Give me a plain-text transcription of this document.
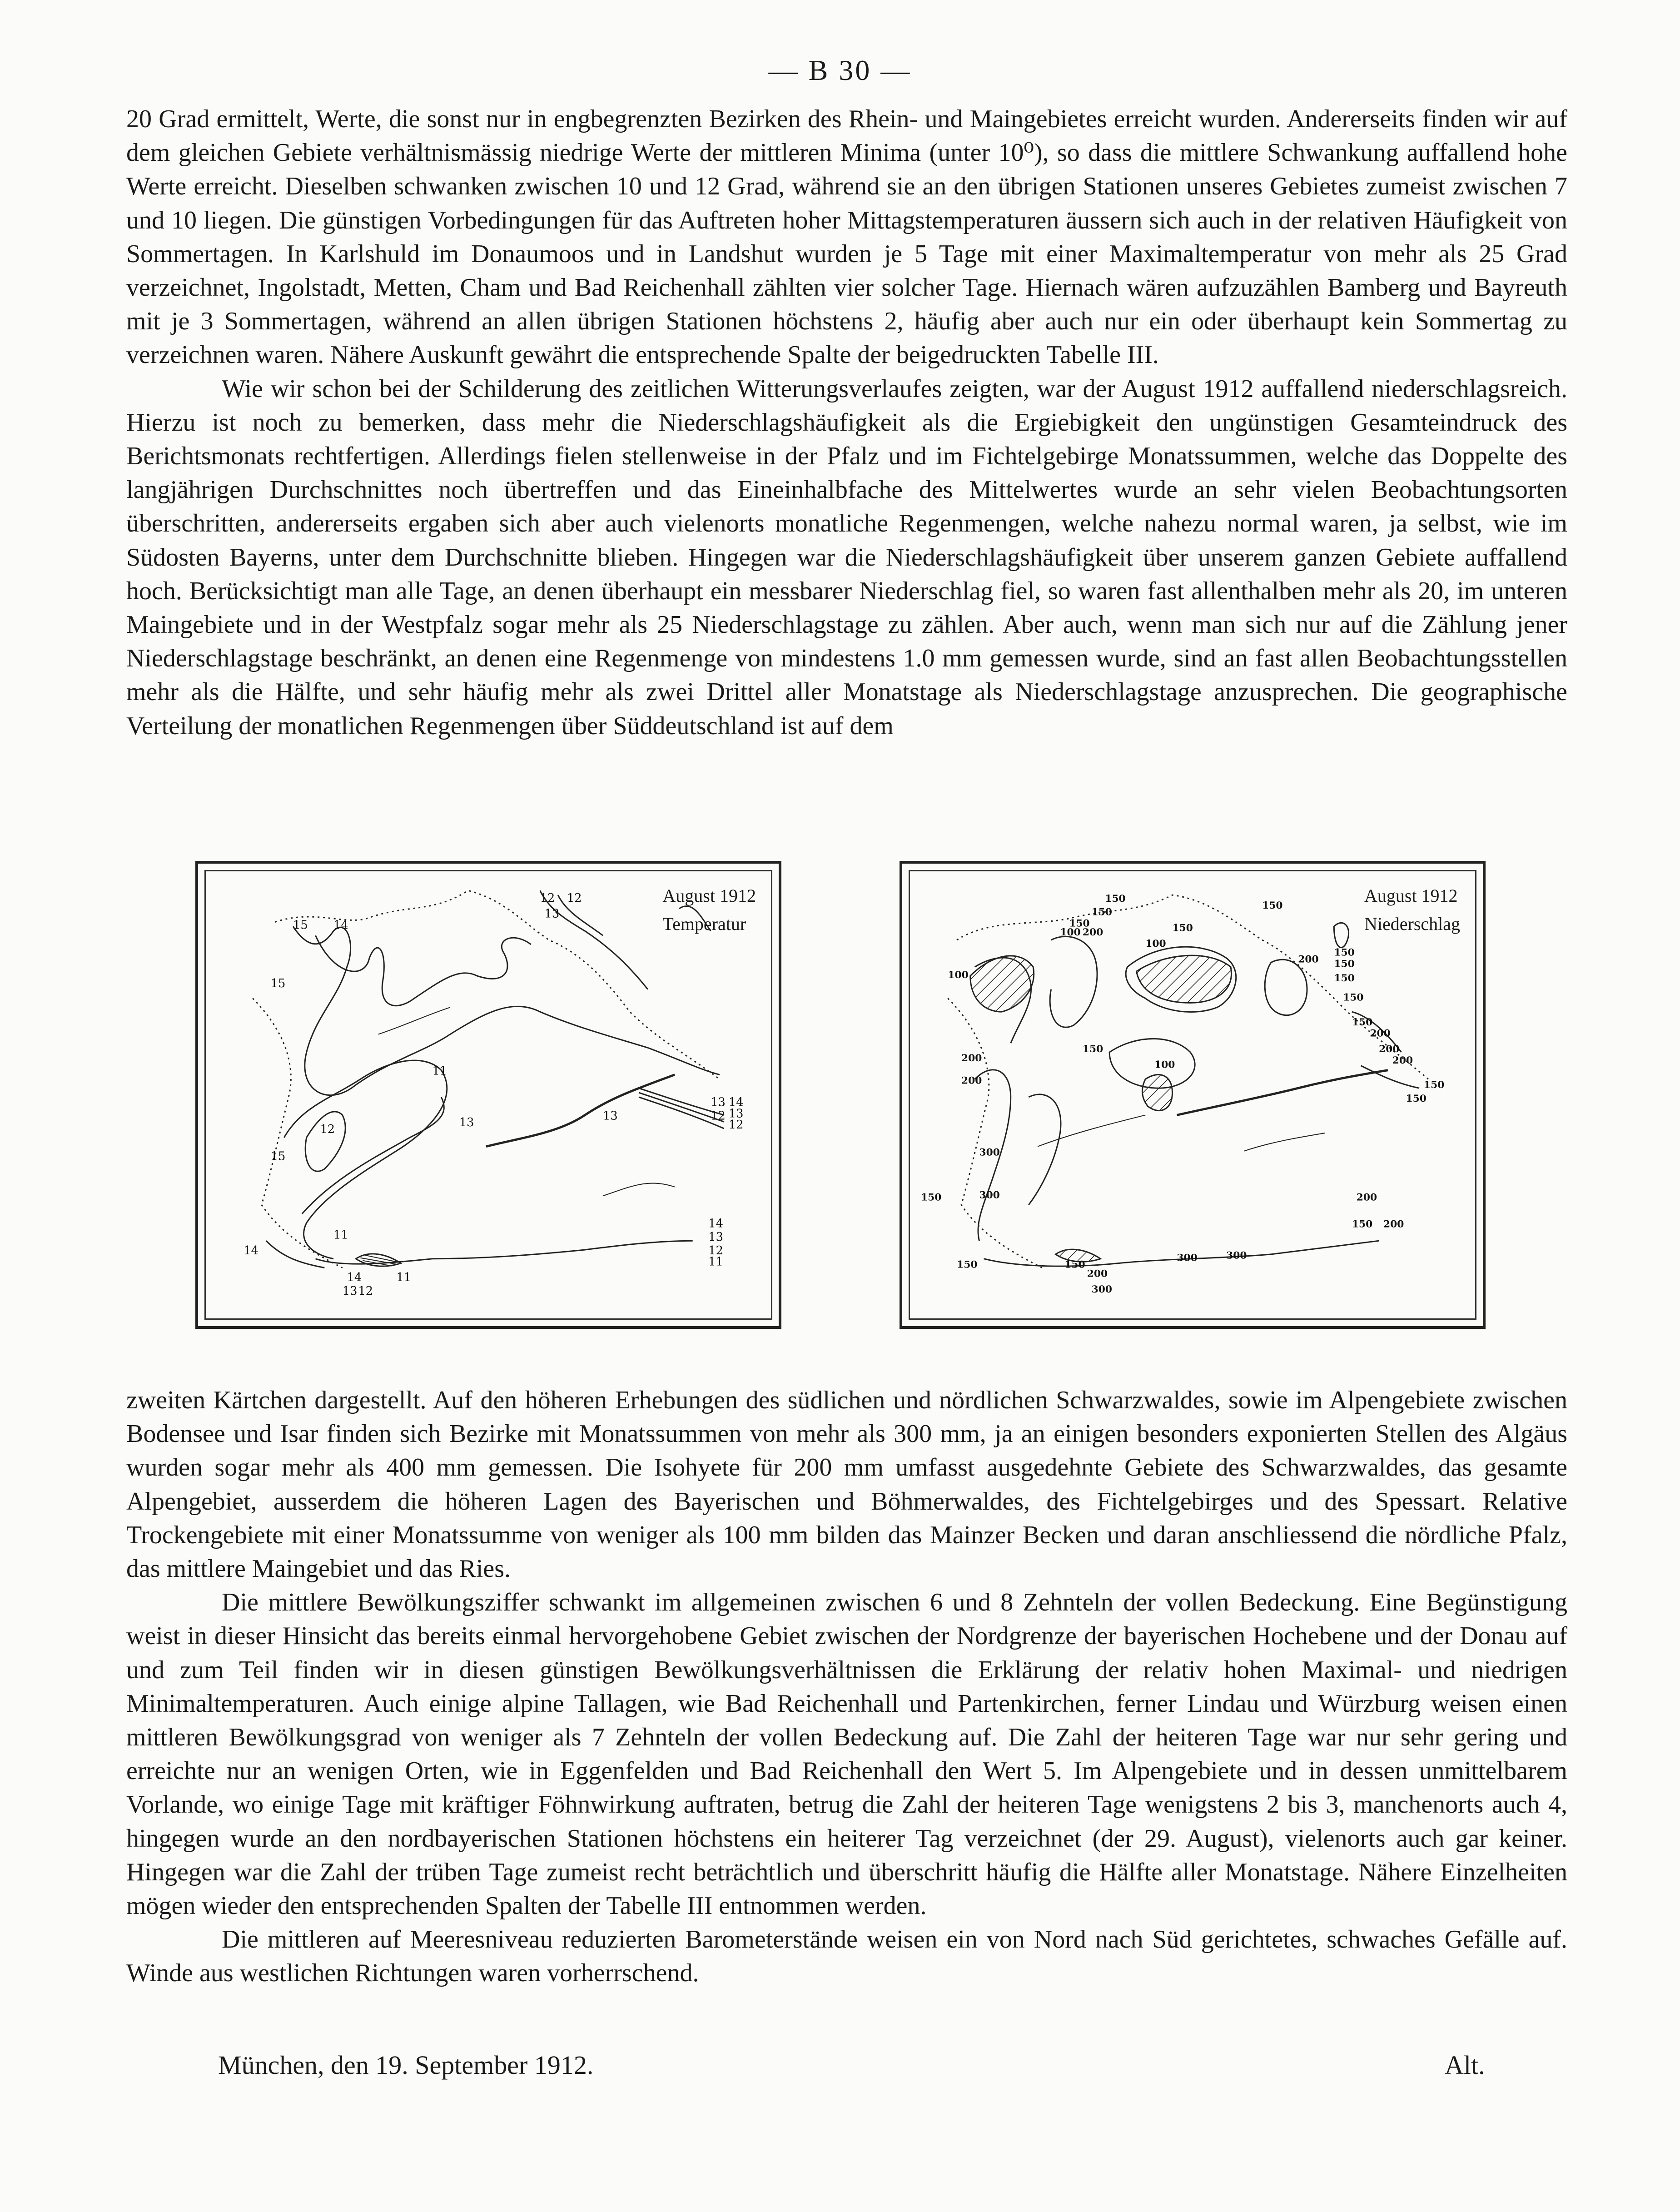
— B 30 —

20 Grad ermittelt, Werte, die sonst nur in engbegrenzten Bezirken des Rhein- und Maingebietes erreicht wurden. Andererseits finden wir auf dem gleichen Gebiete verhältnismässig niedrige Werte der mittleren Minima (unter 10⁰), so dass die mittlere Schwankung auffallend hohe Werte erreicht. Dieselben schwanken zwischen 10 und 12 Grad, während sie an den übrigen Stationen unseres Gebietes zumeist zwischen 7 und 10 liegen. Die günstigen Vorbedingungen für das Auftreten hoher Mittagstemperaturen äussern sich auch in der relativen Häufigkeit von Sommertagen. In Karlshuld im Donaumoos und in Landshut wurden je 5 Tage mit einer Maximaltemperatur von mehr als 25 Grad verzeichnet, Ingolstadt, Metten, Cham und Bad Reichenhall zählten vier solcher Tage. Hiernach wären aufzuzählen Bamberg und Bayreuth mit je 3 Sommertagen, während an allen übrigen Stationen höchstens 2, häufig aber auch nur ein oder überhaupt kein Sommertag zu verzeichnen waren. Nähere Auskunft gewährt die entsprechende Spalte der beigedruckten Tabelle III.

Wie wir schon bei der Schilderung des zeitlichen Witterungsverlaufes zeigten, war der August 1912 auffallend niederschlagsreich. Hierzu ist noch zu bemerken, dass mehr die Niederschlagshäufigkeit als die Ergiebigkeit den ungünstigen Gesamteindruck des Berichtsmonats rechtfertigen. Allerdings fielen stellenweise in der Pfalz und im Fichtelgebirge Monatssummen, welche das Doppelte des langjährigen Durchschnittes noch übertreffen und das Eineinhalbfache des Mittelwertes wurde an sehr vielen Beobachtungsorten überschritten, andererseits ergaben sich aber auch vielenorts monatliche Regenmengen, welche nahezu normal waren, ja selbst, wie im Südosten Bayerns, unter dem Durchschnitte blieben. Hingegen war die Niederschlagshäufigkeit über unserem ganzen Gebiete auffallend hoch. Berücksichtigt man alle Tage, an denen überhaupt ein messbarer Niederschlag fiel, so waren fast allenthalben mehr als 20, im unteren Maingebiete und in der Westpfalz sogar mehr als 25 Niederschlagstage zu zählen. Aber auch, wenn man sich nur auf die Zählung jener Niederschlagstage beschränkt, an denen eine Regenmenge von mindestens 1.0 mm gemessen wurde, sind an fast allen Beobachtungsstellen mehr als die Hälfte, und sehr häufig mehr als zwei Drittel aller Monatstage als Niederschlagstage anzusprechen. Die geographische Verteilung der monatlichen Regenmengen über Süddeutschland ist auf dem

15 14
15
12
13
12
12	13
15
11
14
13
12
14
13
12
11
14
13 12
11
13
14
13
12
11
August 1912
Temperatur
150
150
150
100 200	150
150
100
200
150
150
150
100
150
150
200
200
200
150
200
200
100
150
300
300
150
150
200
150 200
300
300
200
300
150
150
August 1912
Niederschlag

zweiten Kärtchen dargestellt. Auf den höheren Erhebungen des südlichen und nördlichen Schwarzwaldes, sowie im Alpengebiete zwischen Bodensee und Isar finden sich Bezirke mit Monatssummen von mehr als 300 mm, ja an einigen besonders exponierten Stellen des Algäus wurden sogar mehr als 400 mm gemessen. Die Isohyete für 200 mm umfasst ausgedehnte Gebiete des Schwarzwaldes, das gesamte Alpengebiet, ausserdem die höheren Lagen des Bayerischen und Böhmerwaldes, des Fichtelgebirges und des Spessart. Relative Trockengebiete mit einer Monatssumme von weniger als 100 mm bilden das Mainzer Becken und daran anschliessend die nördliche Pfalz, das mittlere Maingebiet und das Ries.

Die mittlere Bewölkungsziffer schwankt im allgemeinen zwischen 6 und 8 Zehnteln der vollen Bedeckung. Eine Begünstigung weist in dieser Hinsicht das bereits einmal hervorgehobene Gebiet zwischen der Nordgrenze der bayerischen Hochebene und der Donau auf und zum Teil finden wir in diesen günstigen Bewölkungsverhältnissen die Erklärung der relativ hohen Maximal- und niedrigen Minimaltemperaturen. Auch einige alpine Tallagen, wie Bad Reichenhall und Partenkirchen, ferner Lindau und Würzburg weisen einen mittleren Bewölkungsgrad von weniger als 7 Zehnteln der vollen Bedeckung auf. Die Zahl der heiteren Tage war nur sehr gering und erreichte nur an wenigen Orten, wie in Eggenfelden und Bad Reichenhall den Wert 5. Im Alpengebiete und in dessen unmittelbarem Vorlande, wo einige Tage mit kräftiger Föhnwirkung auftraten, betrug die Zahl der heiteren Tage wenigstens 2 bis 3, manchenorts auch 4, hingegen wurde an den nordbayerischen Stationen höchstens ein heiterer Tag verzeichnet (der 29. August), vielenorts auch gar keiner. Hingegen war die Zahl der trüben Tage zumeist recht beträchtlich und überschritt häufig die Hälfte aller Monatstage. Nähere Einzelheiten mögen wieder den entsprechenden Spalten der Tabelle III entnommen werden.

Die mittleren auf Meeresniveau reduzierten Barometerstände weisen ein von Nord nach Süd gerichtetes, schwaches Gefälle auf. Winde aus westlichen Richtungen waren vorherrschend.

München, den 19. September 1912.	Alt.
